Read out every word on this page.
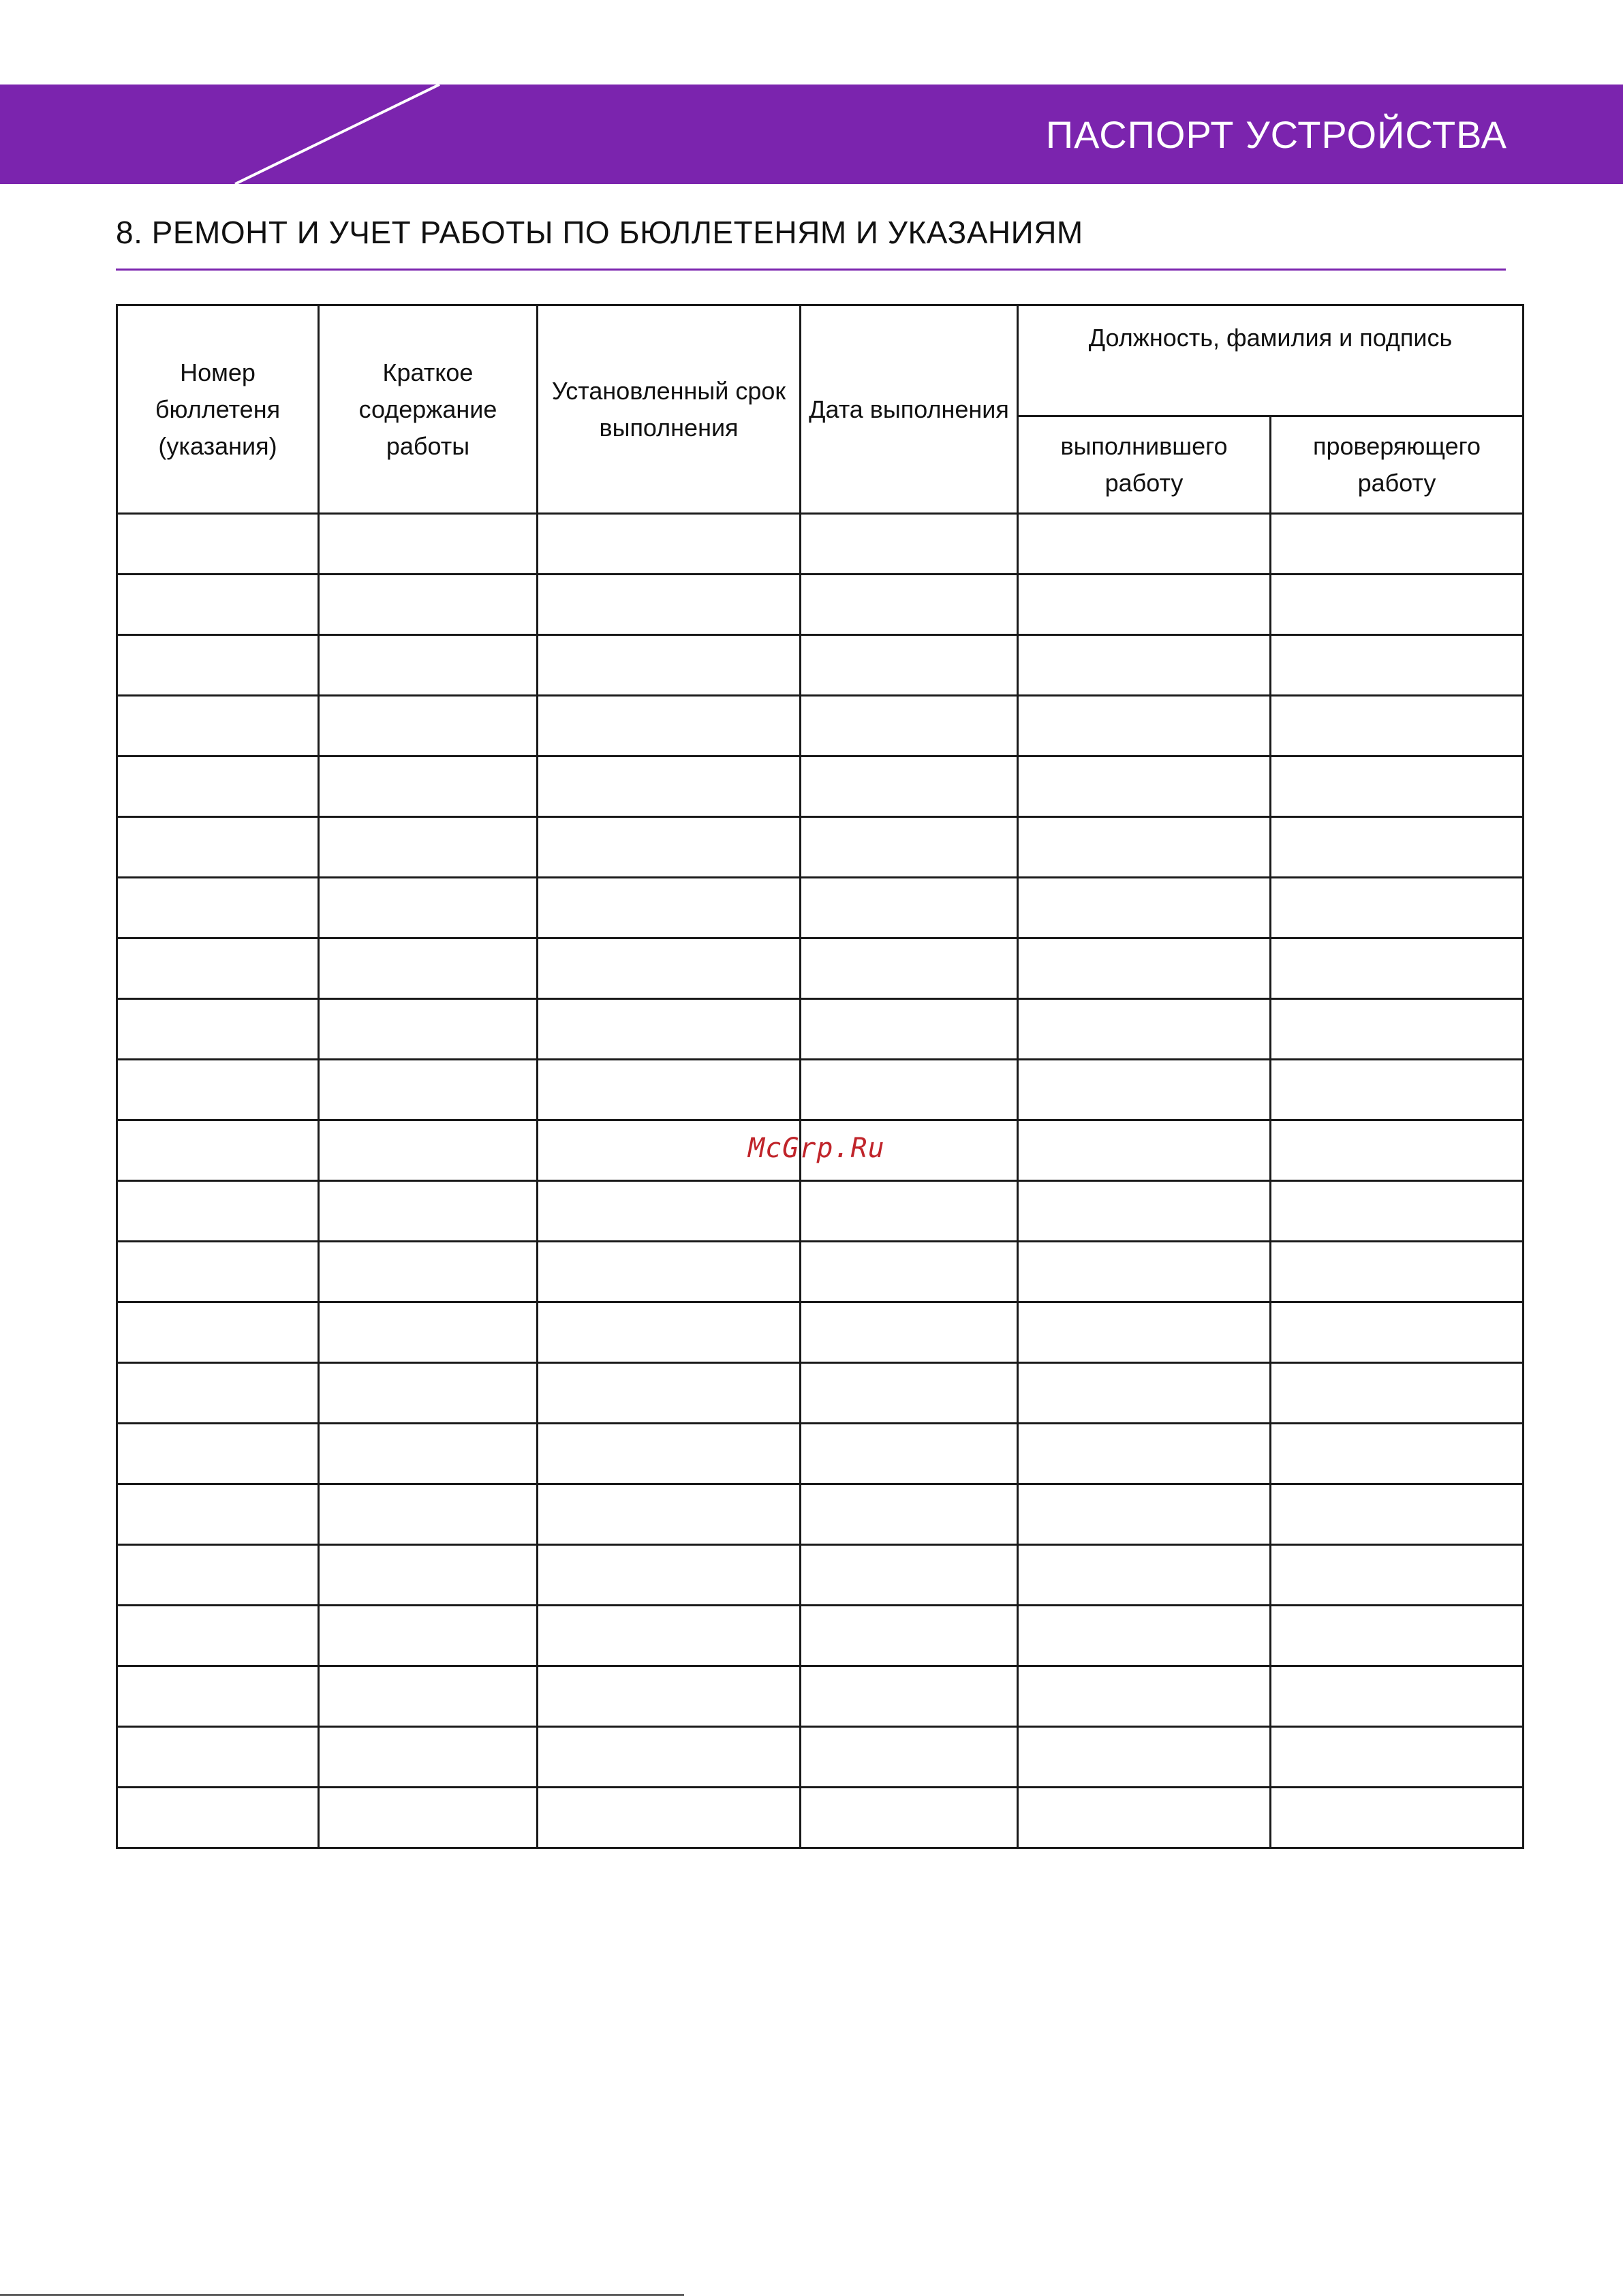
ПАСПОРТ УСТРОЙСТВА
8. РЕМОНТ И УЧЕТ РАБОТЫ ПО БЮЛЛЕТЕНЯМ И УКАЗАНИЯМ
Номер бюллетеня (указания)	Краткое содержание работы	Установленный срок выполнения	Дата выполнения	Должность, фамилия и подпись	
				выполнившего работу	проверяющего работу

McGrp.Ru
